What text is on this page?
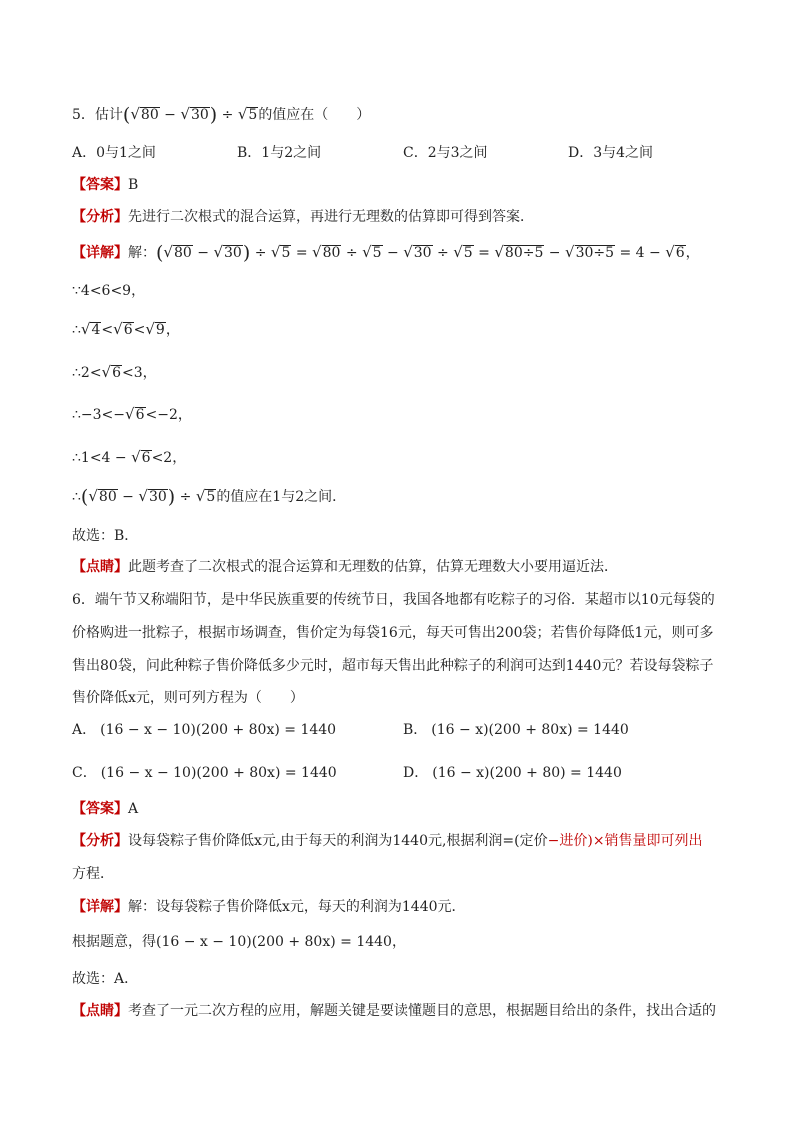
5．估计(√80 − √30) ÷ √5的值应在（　　）
A．0与1之间	B．1与2之间	C．2与3之间	D．3与4之间
【答案】B
【分析】先进行二次根式的混合运算，再进行无理数的估算即可得到答案．
【详解】解：(√80 − √30) ÷ √5 = √80 ÷ √5 − √30 ÷ √5 = √80÷5 − √30÷5 = 4 − √6，
∵4<6<9，
∴√4<√6<√9，
∴2<√6<3，
∴−3<−√6<−2，
∴1<4 − √6<2，
∴(√80 − √30) ÷ √5的值应在1与2之间．
故选：B．
【点睛】此题考查了二次根式的混合运算和无理数的估算，估算无理数大小要用逼近法．
6．端午节又称端阳节，是中华民族重要的传统节日，我国各地都有吃粽子的习俗．某超市以10元每袋的
价格购进一批粽子，根据市场调查，售价定为每袋16元，每天可售出200袋；若售价每降低1元，则可多
售出80袋，问此种粽子售价降低多少元时，超市每天售出此种粽子的利润可达到1440元？若设每袋粽子
售价降低x元，则可列方程为（　　）
A． (16 − x − 10)(200 + 80x) = 1440	B． (16 − x)(200 + 80x) = 1440
C． (16 − x − 10)(200 + 80x) = 1440	D． (16 − x)(200 + 80) = 1440
【答案】A
【分析】设每袋粽子售价降低x元,由于每天的利润为1440元,根据利润=(定价−进价)×销售量即可列出
方程．
【详解】解：设每袋粽子售价降低x元，每天的利润为1440元．
根据题意，得(16 − x − 10)(200 + 80x) = 1440，
故选：A．
【点睛】考查了一元二次方程的应用，解题关键是要读懂题目的意思，根据题目给出的条件，找出合适的
